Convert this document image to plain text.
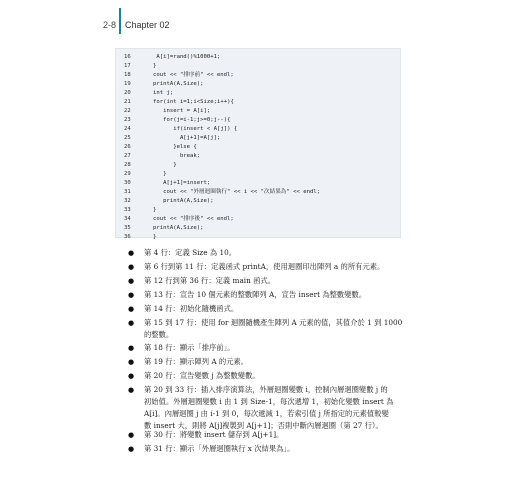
2-8 Chapter 02
16	A[i]=rand()%1000+1;
17	}
18	cout << "排序前" << endl;
19	printA(A,Size);
20	int j;
21	for(int i=1;i<Size;i++){
22	insert = A[i];
23	for(j=i-1;j>=0;j--){
24	if(insert < A[j]) {
25	A[j+1]=A[j];
26	}else {
27	break;
28	}
29	}
30	A[j+1]=insert;
31	cout << "外層迴圈執行" << i << "次結果為" << endl;
32	printA(A,Size);
33	}
34	cout << "排序後" << endl;
35	printA(A,Size);
36	}
● 第 4 行：定義 Size 為 10。
● 第 6 行到第 11 行：定義函式 printA，使用迴圈印出陣列 a 的所有元素。
● 第 12 行到第 36 行：定義 main 函式。
● 第 13 行：宣告 10 個元素的整數陣列 A，宣告 insert 為整數變數。
● 第 14 行：初始化隨機函式。
● 第 15 到 17 行：使用 for 迴圈隨機產生陣列 A 元素的值，其值介於 1 到 1000
的整數。
● 第 18 行：顯示「排序前」。
● 第 19 行：顯示陣列 A 的元素。
● 第 20 行：宣告變數 j 為整數變數。
● 第 20 到 33 行：插入排序演算法，外層迴圈變數 i，控制內層迴圈變數 j 的
初始值。外層迴圈變數 i 由 1 到 Size-1，每次遞增 1，初始化變數 insert 為
A[i]。內層迴圈 j 由 i-1 到 0，每次遞減 1，若索引值 j 所指定的元素值較變
數 insert 大，則將 A[j]複製到 A[j+1]；否則中斷內層迴圈（第 27 行）。
● 第 30 行：將變數 insert 儲存到 A[j+1]。
● 第 31 行：顯示「外層迴圈執行 x 次結果為」。
